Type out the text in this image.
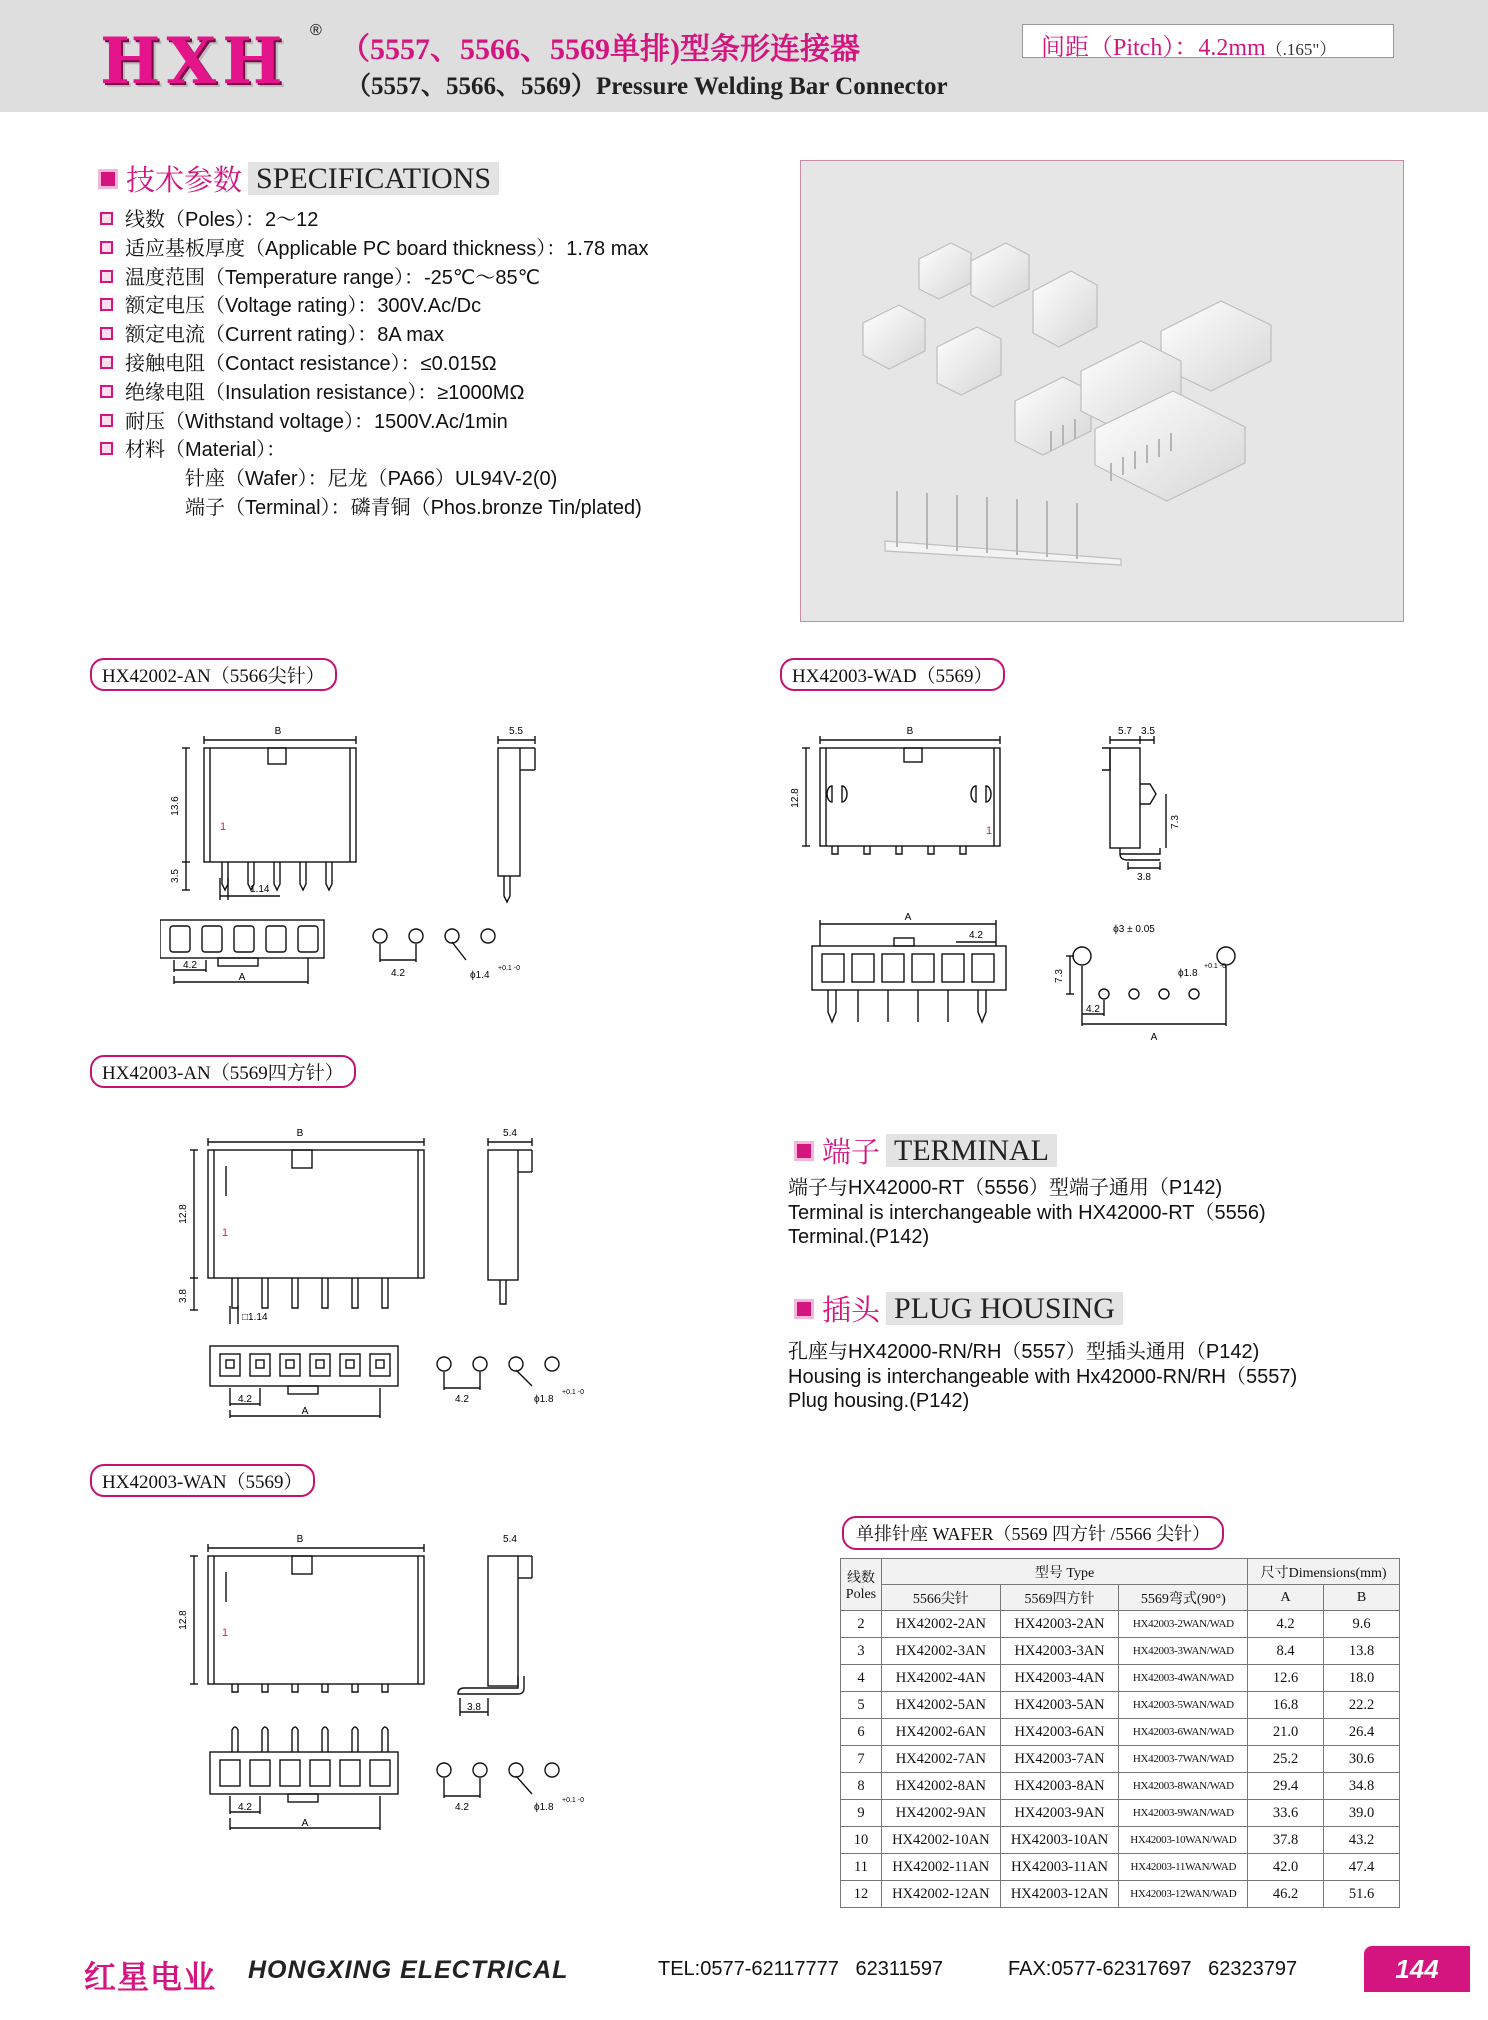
HXH ®
（5557、5566、5569单排)型条形连接器
（5557、5566、5569）Pressure Welding Bar Connector
间距（Pitch）：4.2mm（.165"）
技术参数 SPECIFICATIONS
线数（Poles）：2～12
适应基板厚度（Applicable PC board thickness）：1.78 max
温度范围（Temperature range）：-25℃～85℃
额定电压（Voltage rating）：300V.Ac/Dc
额定电流（Current rating）：8A max
接触电阻（Contact resistance）：≤0.015Ω
绝缘电阻（Insulation resistance）：≥1000MΩ
耐压（Withstand voltage）：1500V.Ac/1min
材料（Material）：
针座（Wafer）：尼龙（PA66）UL94V-2(0)
端子（Terminal）：磷青铜（Phos.bronze Tin/plated)
HX42002-AN（5566尖针）
B
13.6
3.5
1.14
1
5.5
4.2
A	4.2	ϕ1.4
+0.1 -0
HX42003-WAD（5569）
B
12.8
1
5.7 3.5
7.3
3.8
A
4.2
ϕ3 ± 0.05
ϕ1.8
+0.1 -0
7.3
4.2
A
HX42003-AN（5569四方针）
B
12.8
3.8
□1.14
1
5.4
4.2
A
4.2	ϕ1.8
+0.1 -0
端子 TERMINAL
端子与HX42000-RT（5556）型端子通用（P142)
Terminal is interchangeable with HX42000-RT（5556)
Terminal.(P142)
插头 PLUG HOUSING
孔座与HX42000-RN/RH（5557）型插头通用（P142)
Housing is interchangeable with Hx42000-RN/RH（5557)
Plug housing.(P142)
HX42003-WAN（5569）
B
12.8
1
5.4
3.8
4.2
A
4.2	ϕ1.8
+0.1 -0
单排针座 WAFER（5569 四方针 /5566 尖针）
线数
Poles	型号 Type			尺寸Dimensions(mm)	
	5566尖针	5569四方针	5569弯式(90°)	A	B
2	HX42002-2AN	HX42003-2AN	HX42003-2WAN/WAD	4.2	9.6
3	HX42002-3AN	HX42003-3AN	HX42003-3WAN/WAD	8.4	13.8
4	HX42002-4AN	HX42003-4AN	HX42003-4WAN/WAD	12.6	18.0
5	HX42002-5AN	HX42003-5AN	HX42003-5WAN/WAD	16.8	22.2
6	HX42002-6AN	HX42003-6AN	HX42003-6WAN/WAD	21.0	26.4
7	HX42002-7AN	HX42003-7AN	HX42003-7WAN/WAD	25.2	30.6
8	HX42002-8AN	HX42003-8AN	HX42003-8WAN/WAD	29.4	34.8
9	HX42002-9AN	HX42003-9AN	HX42003-9WAN/WAD	33.6	39.0
10	HX42002-10AN	HX42003-10AN	HX42003-10WAN/WAD	37.8	43.2
11	HX42002-11AN	HX42003-11AN	HX42003-11WAN/WAD	42.0	47.4
12	HX42002-12AN	HX42003-12AN	HX42003-12WAN/WAD	46.2	51.6
红星电业 HONGXING ELECTRICAL	TEL:0577-62117777   62311597	FAX:0577-62317697   62323797	144
